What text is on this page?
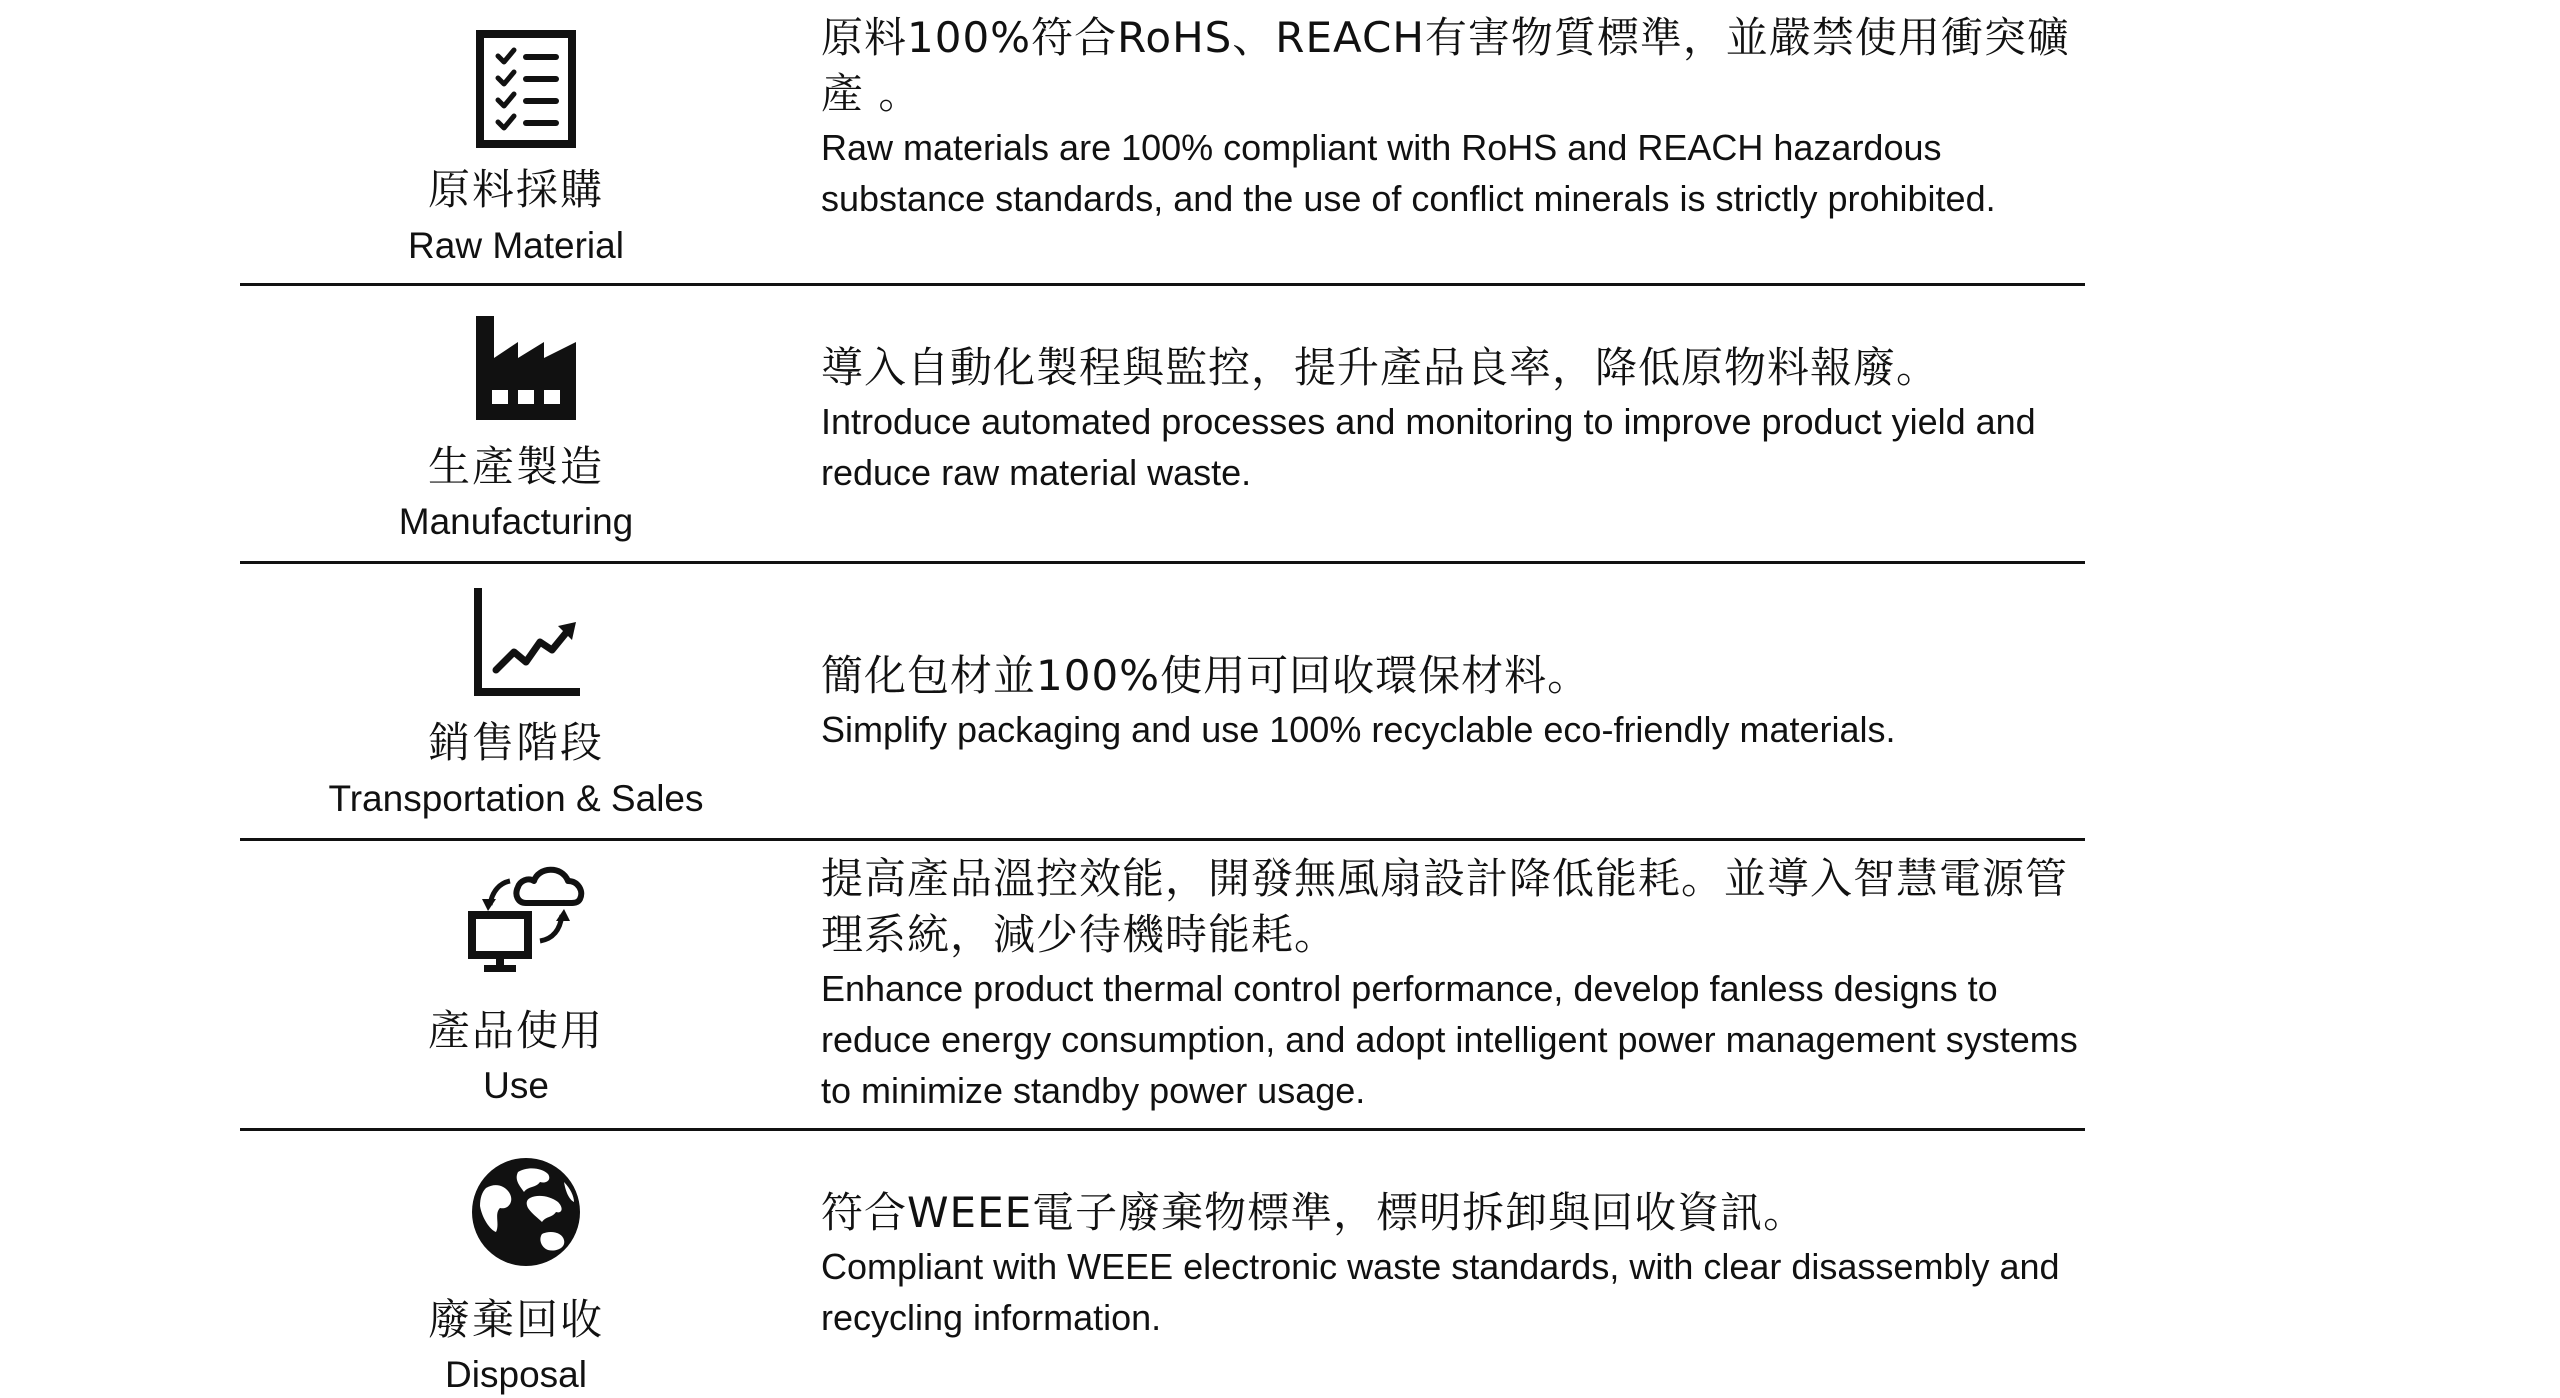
原料採購
Raw Material

原料100%符合RoHS、REACH有害物質標準，並嚴禁使用衝突礦產 。

Raw materials are 100% compliant with RoHS and REACH hazardous substance standards, and the use of conflict minerals is strictly prohibited.

生產製造
Manufacturing

導入自動化製程與監控，提升產品良率，降低原物料報廢。

Introduce automated processes and monitoring to improve product yield and reduce raw material waste.

銷售階段
Transportation & Sales

簡化包材並100%使用可回收環保材料。

Simplify packaging and use 100% recyclable eco-friendly materials.

產品使用
Use

提高產品溫控效能，開發無風扇設計降低能耗。並導入智慧電源管理系統，減少待機時能耗。

Enhance product thermal control performance, develop fanless designs to reduce energy consumption, and adopt intelligent power management systems to minimize standby power usage.

廢棄回收
Disposal

符合WEEE電子廢棄物標準，標明拆卸與回收資訊。

Compliant with WEEE electronic waste standards, with clear disassembly and recycling information.
